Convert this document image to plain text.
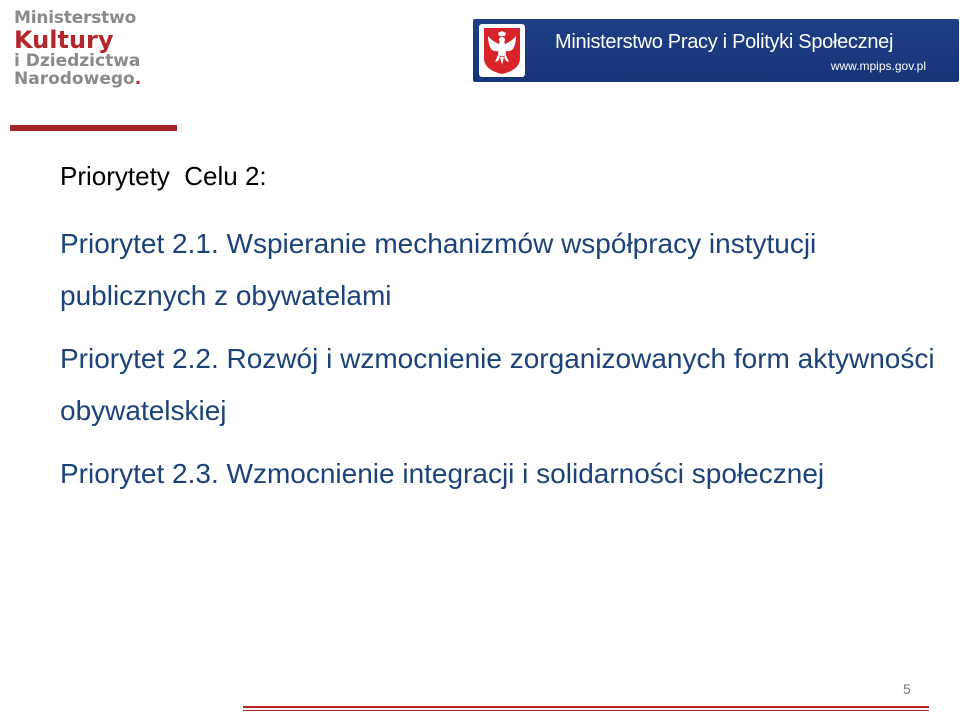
Ministerstwo
Kultury
i Dziedzictwa
Narodowego.
Ministerstwo Pracy i Polityki Społecznej
www.mpips.gov.pl
Priorytety  Celu 2:

Priorytet 2.1. Wspieranie mechanizmów współpracy instytucji publicznych z obywatelami

Priorytet 2.2. Rozwój i wzmocnienie zorganizowanych form aktywności obywatelskiej

Priorytet 2.3. Wzmocnienie integracji i solidarności społecznej

5
